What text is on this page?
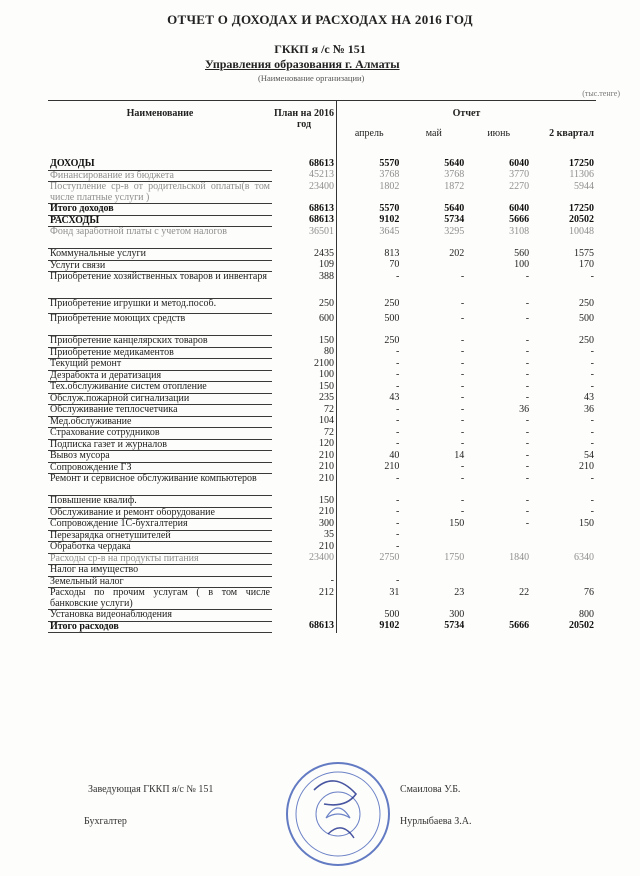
ОТЧЕТ О ДОХОДАХ И РАСХОДАХ НА 2016 ГОД
ГККП я /с № 151
Управления образования г. Алматы
(Наименование организации)
(тыс.тенге)
Наименование	План на 2016 год	Отчет			
		апрель	май	июнь	2 квартал
ДОХОДЫ	68613	5570	5640	6040	17250
Финансирование из бюджета	45213	3768	3768	3770	11306
Поступление ср-в от родительской оплаты(в том числе платные услуги )	23400	1802	1872	2270	5944
Итого доходов	68613	5570	5640	6040	17250
РАСХОДЫ	68613	9102	5734	5666	20502
Фонд заработной платы с учетом налогов	36501	3645	3295	3108	10048
Коммунальные услуги	2435	813	202	560	1575
Услуги связи	109	70		100	170
Приобретение хозяйственных товаров и инвентаря	388	-	-	-	-
Приобретение игрушки и метод.пособ.	250	250	-	-	250
Приобретение моющих средств	600	500	-	-	500
Приобретение канцелярских товаров	150	250	-	-	250
Приобретение медикаментов	80	-	-	-	-
Текущий ремонт	2100	-	-	-	-
Дезрабокта и дератизация	100	-	-	-	-
Тех.обслуживание систем отопление	150	-	-	-	-
Обслуж.пожарной сигнализации	235	43	-	-	43
Обслуживание теплосчетчика	72	-	-	36	36
Мед.обслуживание	104	-	-	-	-
Страхование сотрудников	72	-	-	-	-
Подписка газет и журналов	120	-	-	-	-
Вывоз мусора	210	40	14	-	54
Сопровождение ГЗ	210	210	-	-	210
Ремонт и сервисное обслуживание компьютеров	210	-	-	-	-
Повышение квалиф.	150	-	-	-	-
Обслуживание и ремонт оборудование	210	-	-	-	-
Сопровождение 1С-бухгалтерия	300	-	150	-	150
Перезарядка огнетушителей	35	-			
Обработка чердака	210	-			
Расходы ср-в на продукты питания	23400	2750	1750	1840	6340
Налог на имущество					
Земельный налог	-	-			
Расходы по прочим услугам ( в том числе банковские услуги)	212	31	23	22	76
Установка видеонаблюдения		500	300		800
Итого расходов	68613	9102	5734	5666	20502
Заведующая ГККП я/с № 151	Смаилова У.Б.
Бухгалтер	Нурлыбаева З.А.
